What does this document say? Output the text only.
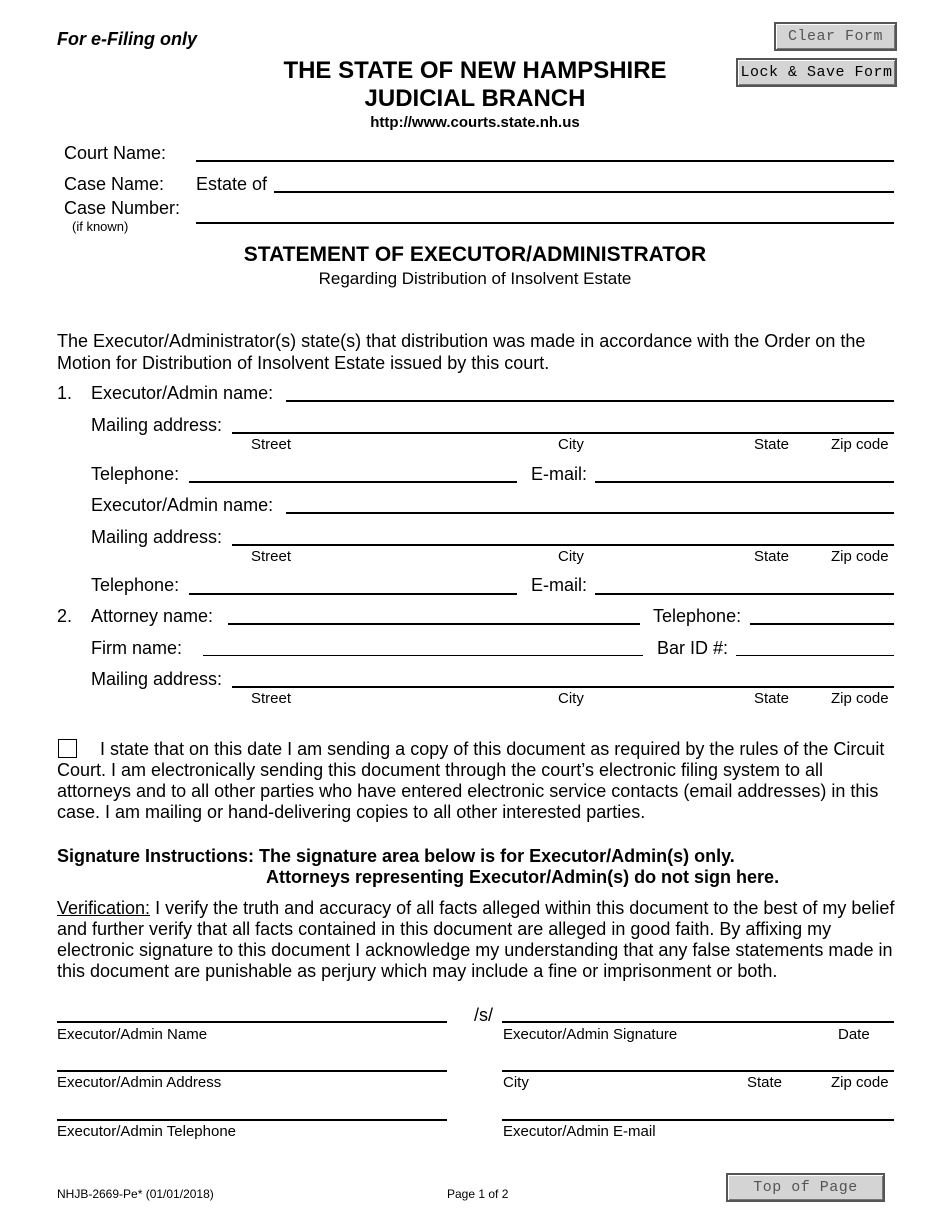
For e-Filing only
THE STATE OF NEW HAMPSHIRE
JUDICIAL BRANCH
http://www.courts.state.nh.us
Clear Form
Lock & Save Form
Court Name:
Case Name: Estate of
Case Number:
(if known)
STATEMENT OF EXECUTOR/ADMINISTRATOR
Regarding Distribution of Insolvent Estate
The Executor/Administrator(s) state(s) that distribution was made in accordance with the Order on the Motion for Distribution of Insolvent Estate issued by this court.
1. Executor/Admin name:
Mailing address:
Street	City	State	Zip code
Telephone:	E-mail:
Executor/Admin name:
Mailing address:
Street	City	State	Zip code
Telephone:	E-mail:
2. Attorney name:	Telephone:
Firm name:	Bar ID #:
Mailing address:
Street	City	State	Zip code
I state that on this date I am sending a copy of this document as required by the rules of the Circuit Court. I am electronically sending this document through the court’s electronic filing system to all attorneys and to all other parties who have entered electronic service contacts (email addresses) in this case. I am mailing or hand-delivering copies to all other interested parties.
Signature Instructions: The signature area below is for Executor/Admin(s) only.
Attorneys representing Executor/Admin(s) do not sign here.
Verification: I verify the truth and accuracy of all facts alleged within this document to the best of my belief and further verify that all facts contained in this document are alleged in good faith. By affixing my electronic signature to this document I acknowledge my understanding that any false statements made in this document are punishable as perjury which may include a fine or imprisonment or both.
/s/
Executor/Admin Name	Executor/Admin Signature	Date
Executor/Admin Address	City	State	Zip code
Executor/Admin Telephone	Executor/Admin E-mail
NHJB-2669-Pe* (01/01/2018)	Page 1 of 2	Top of Page
